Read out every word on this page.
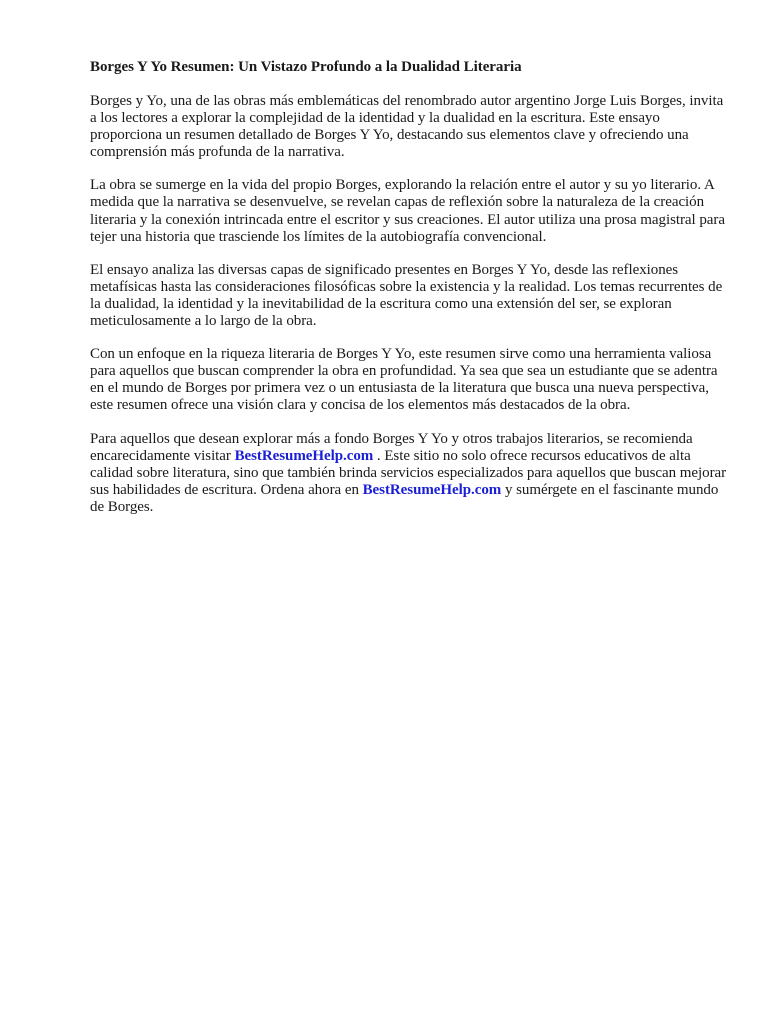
Borges Y Yo Resumen: Un Vistazo Profundo a la Dualidad Literaria

Borges y Yo, una de las obras más emblemáticas del renombrado autor argentino Jorge Luis Borges, invita a los lectores a explorar la complejidad de la identidad y la dualidad en la escritura. Este ensayo proporciona un resumen detallado de Borges Y Yo, destacando sus elementos clave y ofreciendo una comprensión más profunda de la narrativa.

La obra se sumerge en la vida del propio Borges, explorando la relación entre el autor y su yo literario. A medida que la narrativa se desenvuelve, se revelan capas de reflexión sobre la naturaleza de la creación literaria y la conexión intrincada entre el escritor y sus creaciones. El autor utiliza una prosa magistral para tejer una historia que trasciende los límites de la autobiografía convencional.

El ensayo analiza las diversas capas de significado presentes en Borges Y Yo, desde las reflexiones metafísicas hasta las consideraciones filosóficas sobre la existencia y la realidad. Los temas recurrentes de la dualidad, la identidad y la inevitabilidad de la escritura como una extensión del ser, se exploran meticulosamente a lo largo de la obra.

Con un enfoque en la riqueza literaria de Borges Y Yo, este resumen sirve como una herramienta valiosa para aquellos que buscan comprender la obra en profundidad. Ya sea que sea un estudiante que se adentra en el mundo de Borges por primera vez o un entusiasta de la literatura que busca una nueva perspectiva, este resumen ofrece una visión clara y concisa de los elementos más destacados de la obra.

Para aquellos que desean explorar más a fondo Borges Y Yo y otros trabajos literarios, se recomienda encarecidamente visitar BestResumeHelp.com . Este sitio no solo ofrece recursos educativos de alta calidad sobre literatura, sino que también brinda servicios especializados para aquellos que buscan mejorar sus habilidades de escritura. Ordena ahora en BestResumeHelp.com y sumérgete en el fascinante mundo de Borges.
